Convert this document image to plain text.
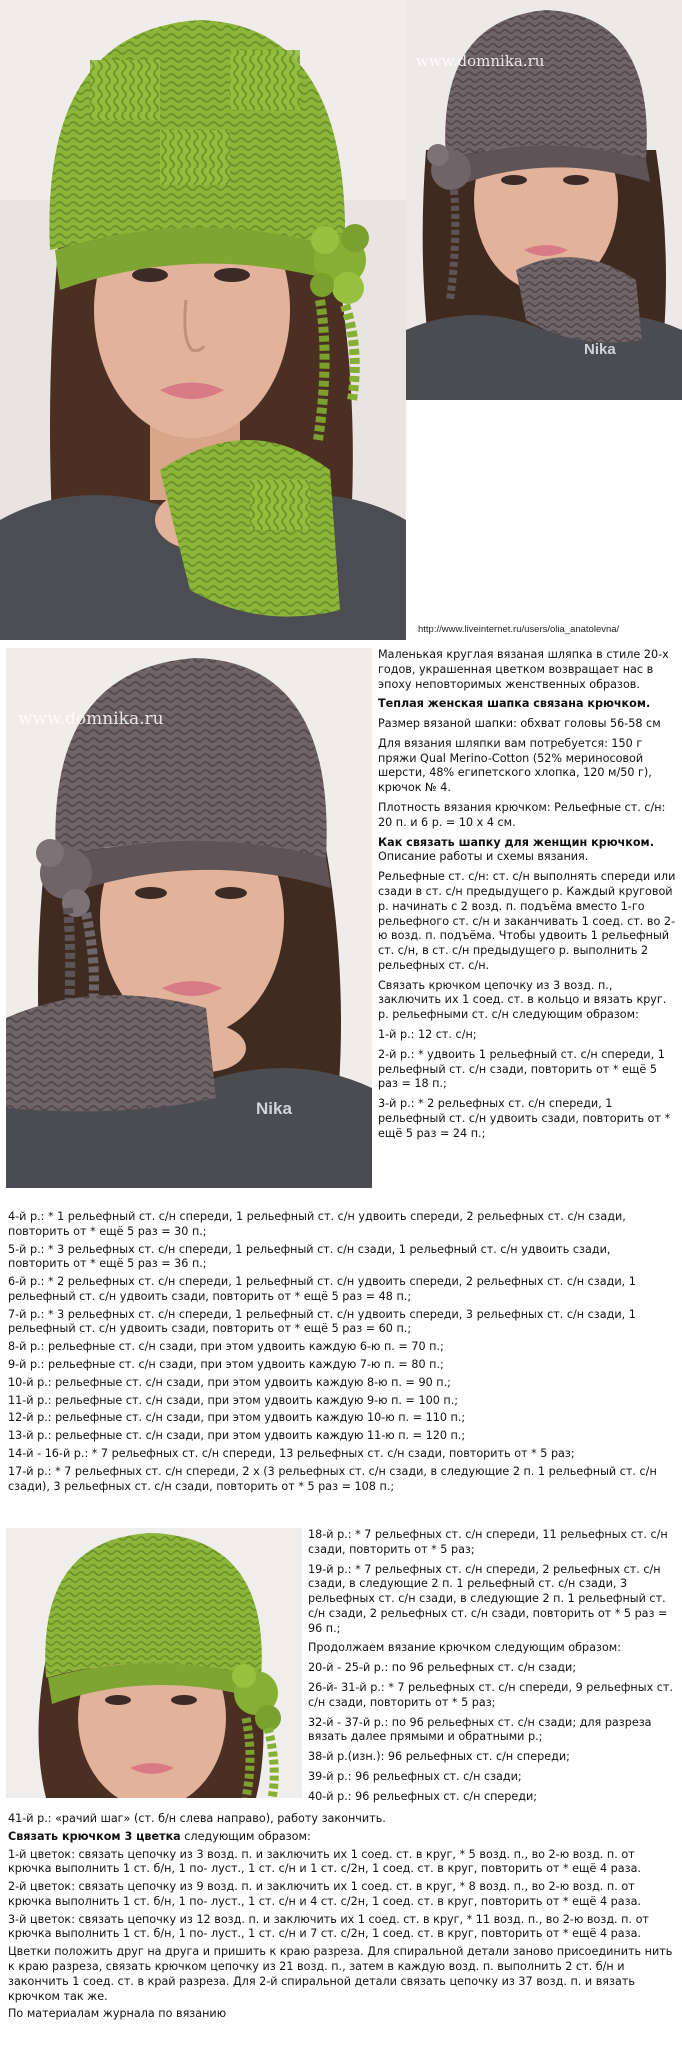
www.domnika.ru
Nika
http://www.liveinternet.ru/users/olia_anatolevna/
www.domnika.ru
Nika

Маленькая круглая вязаная шляпка в стиле 20-х годов, украшенная цветком возвращает нас в эпоху неповторимых женственных образов.

Теплая женская шапка связана крючком.

Размер вязаной шапки: обхват головы 56-58 см

Для вязания шляпки вам потребуется: 150 г пряжи Qual Merino-Cotton (52% мериносовой шерсти, 48% египетского хлопка, 120 м/50 г), крючок № 4.

Плотность вязания крючком: Рельефные ст. с/н: 20 п. и 6 р. = 10 х 4 см.

Как связать шапку для женщин крючком. Описание работы и схемы вязания.

Рельефные ст. с/н: ст. с/н выполнять спереди или сзади в ст. с/н предыдущего р. Каждый круговой р. начинать с 2 возд. п. подъёма вместо 1-го рельефного ст. с/н и заканчивать 1 соед. ст. во 2-ю возд. п. подъёма. Чтобы удвоить 1 рельефный ст. с/н, в ст. с/н предыдущего р. выполнить 2 рельефных ст. с/н.

Связать крючком цепочку из 3 возд. п., заключить их 1 соед. ст. в кольцо и вязать круг. р. рельефными ст. с/н следующим образом:

1-й р.: 12 ст. с/н;

2-й р.: * удвоить 1 рельефный ст. с/н спереди, 1 рельефный ст. с/н сзади, повторить от * ещё 5 раз = 18 п.;

3-й р.: * 2 рельефных ст. с/н спереди, 1 рельефный ст. с/н удвоить сзади, повторить от * ещё 5 раз = 24 п.;

4-й р.: * 1 рельефный ст. с/н спереди, 1 рельефный ст. с/н удвоить спереди, 2 рельефных ст. с/н сзади, повторить от * ещё 5 раз = 30 п.;

5-й р.: * 3 рельефных ст. с/н спереди, 1 рельефный ст. с/н сзади, 1 рельефный ст. с/н удвоить сзади, повторить от * ещё 5 раз = 36 п.;

6-й р.: * 2 рельефных ст. с/н спереди, 1 рельефный ст. с/н удвоить спереди, 2 рельефных ст. с/н сзади, 1 рельефный ст. с/н удвоить сзади, повторить от * ещё 5 раз = 48 п.;

7-й р.: * 3 рельефных ст. с/н спереди, 1 рельефный ст. с/н удвоить спереди, 3 рельефных ст. с/н сзади, 1 рельефный ст. с/н удвоить сзади, повторить от * ещё 5 раз = 60 п.;

8-й р.: рельефные ст. с/н сзади, при этом удвоить каждую 6-ю п. = 70 п.;

9-й р.: рельефные ст. с/н сзади, при этом удвоить каждую 7-ю п. = 80 п.;

10-й р.: рельефные ст. с/н сзади, при этом удвоить каждую 8-ю п. = 90 п.;

11-й р.: рельефные ст. с/н сзади, при этом удвоить каждую 9-ю п. = 100 п.;

12-й р.: рельефные ст. с/н сзади, при этом удвоить каждую 10-ю п. = 110 п.;

13-й р.: рельефные ст. с/н сзади, при этом удвоить каждую 11-ю п. = 120 п.;

14-й - 16-й р.: * 7 рельефных ст. с/н спереди, 13 рельефных ст. с/н сзади, повторить от * 5 раз;

17-й р.: * 7 рельефных ст. с/н спереди, 2 х (3 рельефных ст. с/н сзади, в следующие 2 п. 1 рельефный ст. с/н сзади), 3 рельефных ст. с/н сзади, повторить от * 5 раз = 108 п.;

18-й р.: * 7 рельефных ст. с/н спереди, 11 рельефных ст. с/н сзади, повторить от * 5 раз;

19-й р.: * 7 рельефных ст. с/н спереди, 2 рельефных ст. с/н сзади, в следующие 2 п. 1 рельефный ст. с/н сзади, 3 рельефных ст. с/н сзади, в следующие 2 п. 1 рельефный ст. с/н сзади, 2 рельефных ст. с/н сзади, повторить от * 5 раз = 96 п.;

Продолжаем вязание крючком следующим образом:

20-й - 25-й р.: по 96 рельефных ст. с/н сзади;

26-й- 31-й р.: * 7 рельефных ст. с/н спереди, 9 рельефных ст. с/н сзади, повторить от * 5 раз;

32-й - 37-й р.: по 96 рельефных ст. с/н сзади; для разреза вязать далее прямыми и обратными р.;

38-й р.(изн.): 96 рельефных ст. с/н спереди;

39-й р.: 96 рельефных ст. с/н сзади;

40-й р.: 96 рельефных ст. с/н спереди;

41-й р.: «рачий шаг» (ст. б/н слева направо), работу закончить.

Связать крючком 3 цветка следующим образом:

1-й цветок: связать цепочку из 3 возд. п. и заключить их 1 соед. ст. в круг, * 5 возд. п., во 2-ю возд. п. от крючка выполнить 1 ст. б/н, 1 по- луст., 1 ст. с/н и 1 ст. с/2н, 1 соед. ст. в круг, повторить от * ещё 4 раза.

2-й цветок: связать цепочку из 9 возд. п. и заключить их 1 соед. ст. в круг, * 8 возд. п., во 2-ю возд. п. от крючка выполнить 1 ст. б/н, 1 по- луст., 1 ст. с/н и 4 ст. с/2н, 1 соед. ст. в круг, повторить от * ещё 4 раза.

3-й цветок: связать цепочку из 12 возд. п. и заключить их 1 соед. ст. в круг, * 11 возд. п., во 2-ю возд. п. от крючка выполнить 1 ст. б/н, 1 по- луст., 1 ст. с/н и 7 ст. с/2н, 1 соед. ст. в круг, повторить от * ещё 4 раза.

Цветки положить друг на друга и пришить к краю разреза. Для спиральной детали заново присоединить нить к краю разреза, связать крючком цепочку из 21 возд. п., затем в каждую возд. п. выполнить 2 ст. б/н и закончить 1 соед. ст. в край разреза. Для 2-й спиральной детали связать цепочку из 37 возд. п. и вязать крючком так же.

По материалам журнала по вязанию
